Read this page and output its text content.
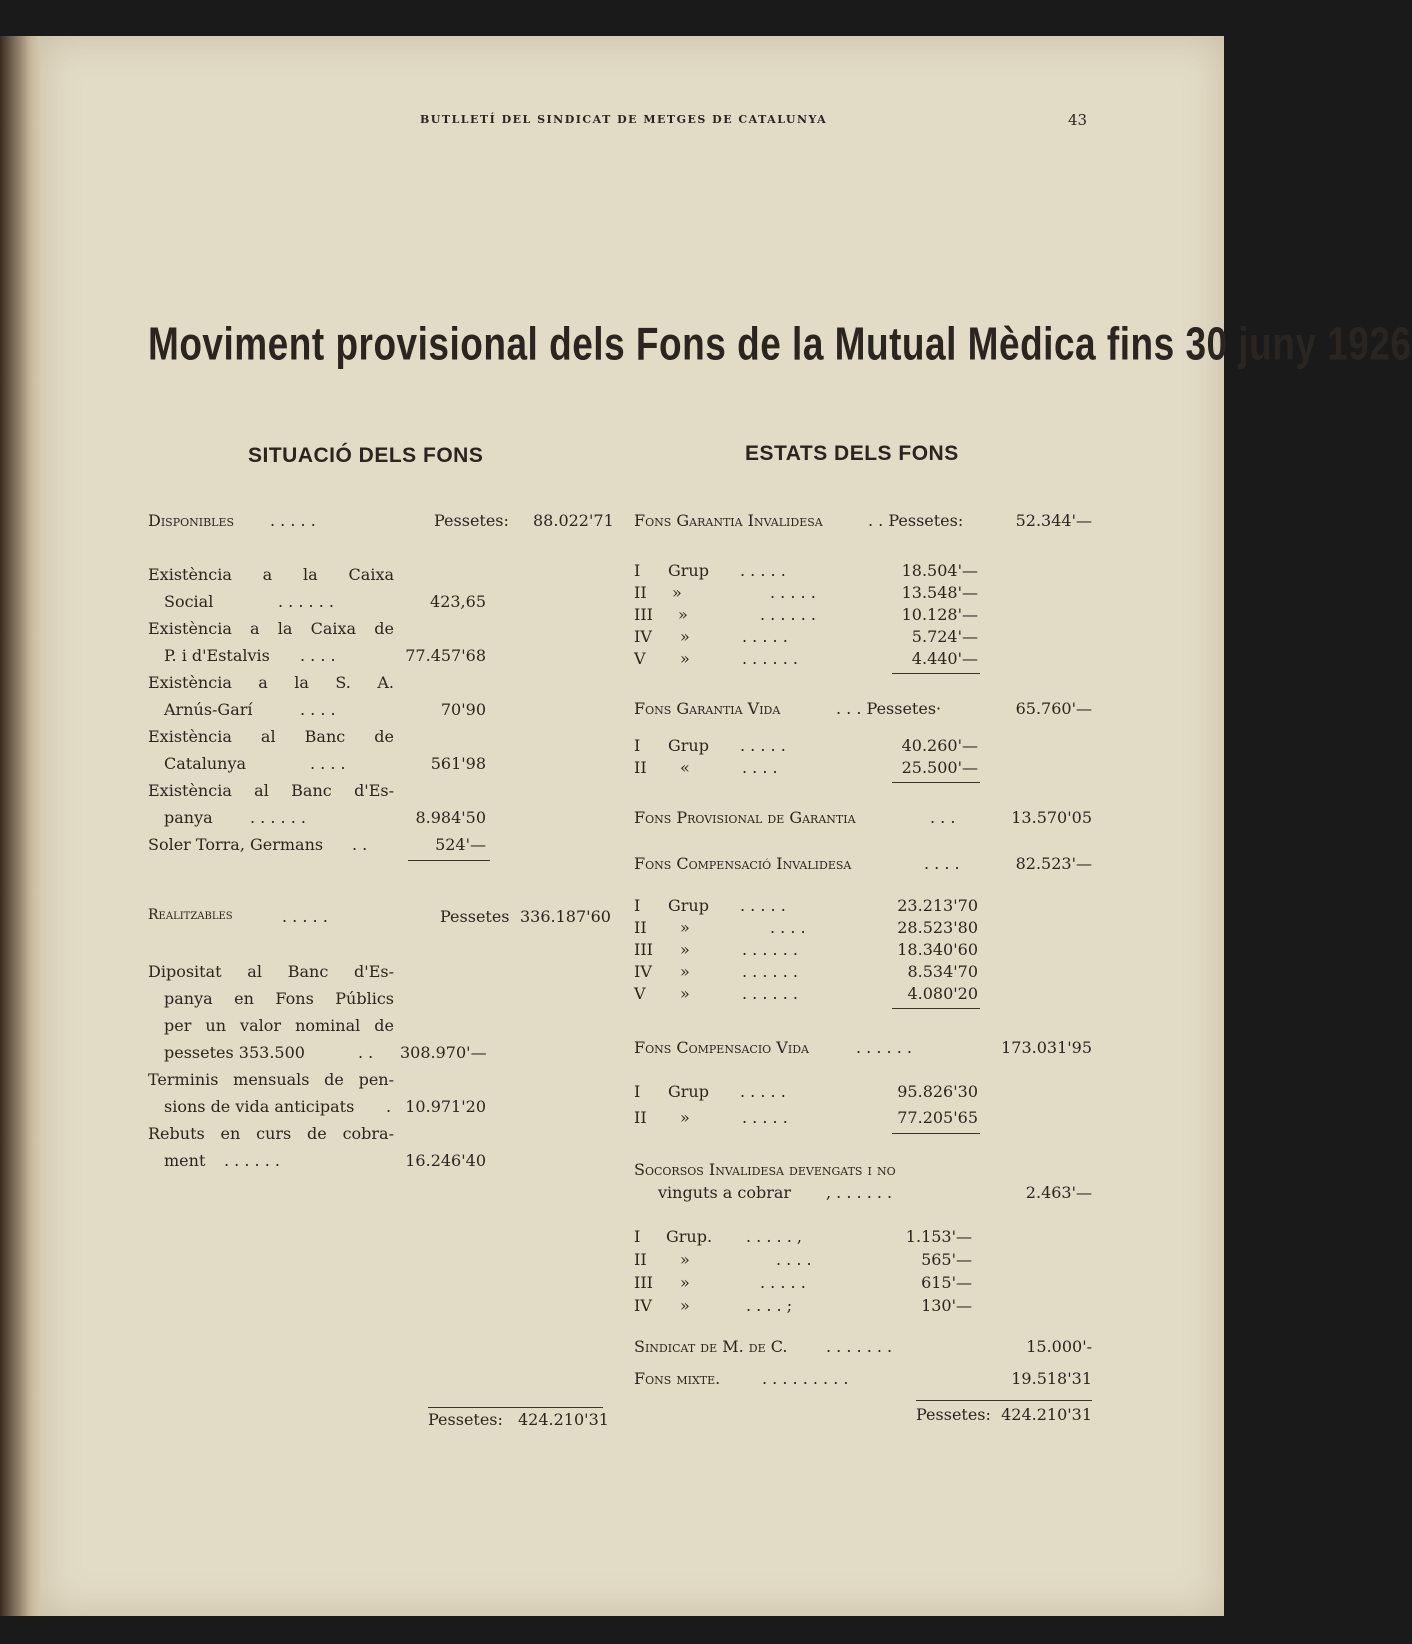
BUTLLETÍ DEL SINDICAT DE METGES DE CATALUNYA	43
Moviment provisional dels Fons de la Mutual Mèdica fins 30 juny 1926
SITUACIÓ DELS FONS	ESTATS DELS FONS
Disponibles . . . . .	Pessetes: 88.022'71
Existència a la Caixa
Social	. . . . . .	423,65
Existència a la Caixa de
P. i d'Estalvis . . . .	77.457'68
Existència a la S. A.
Arnús-Garí	. . . .	70'90
Existència al Banc de
Catalunya	. . . .	561'98
Existència al Banc d'Es-
panya . . . . . .	8.984'50
Soler Torra, Germans . .	524'—
Realitzables	. . . . .	Pessetes 336.187'60
Dipositat al Banc d'Es-
panya en Fons Públics
per un valor nominal de
pessetes 353.500	. . 308.970'—
Terminis mensuals de pen-
sions de vida anticipats . 10.971'20
Rebuts en curs de cobra-
ment . . . . . .	16.246'40
Pessetes: 424.210'31
Fons Garantia Invalidesa	. . Pessetes:	52.344'—
I Grup . . . . .	18.504'—
II »	. . . . .	13.548'—
III »	. . . . . .	10.128'—
IV »	. . . . .	5.724'—
V »	. . . . . .	4.440'—
Fons Garantia Vida	. . . Pessetes·	65.760'—
I Grup . . . . .	40.260'—
II «	. . . .	25.500'—
Fons Provisional de Garantia	. . .	13.570'05
Fons Compensació Invalidesa	. . . .	82.523'—
I Grup . . . . .	23.213'70
II »	. . . .	28.523'80
III »	. . . . . .	18.340'60
IV »	. . . . . .	8.534'70
V »	. . . . . .	4.080'20
Fons Compensacio Vida	. . . . . .	173.031'95
I Grup . . . . .	95.826'30
II »	. . . . .	77.205'65
Socorsos Invalidesa devengats i no
vinguts a cobrar , . . . . . .	2.463'—
I Grup. . . . . . ,	1.153'—
II »	. . . .	565'—
III »	. . . . .	615'—
IV »	. . . . ;	130'—
Sindicat de M. de C. . . . . . . .	15.000'-
Fons mixte.	. . . . . . . . .	19.518'31
Pessetes: 424.210'31
